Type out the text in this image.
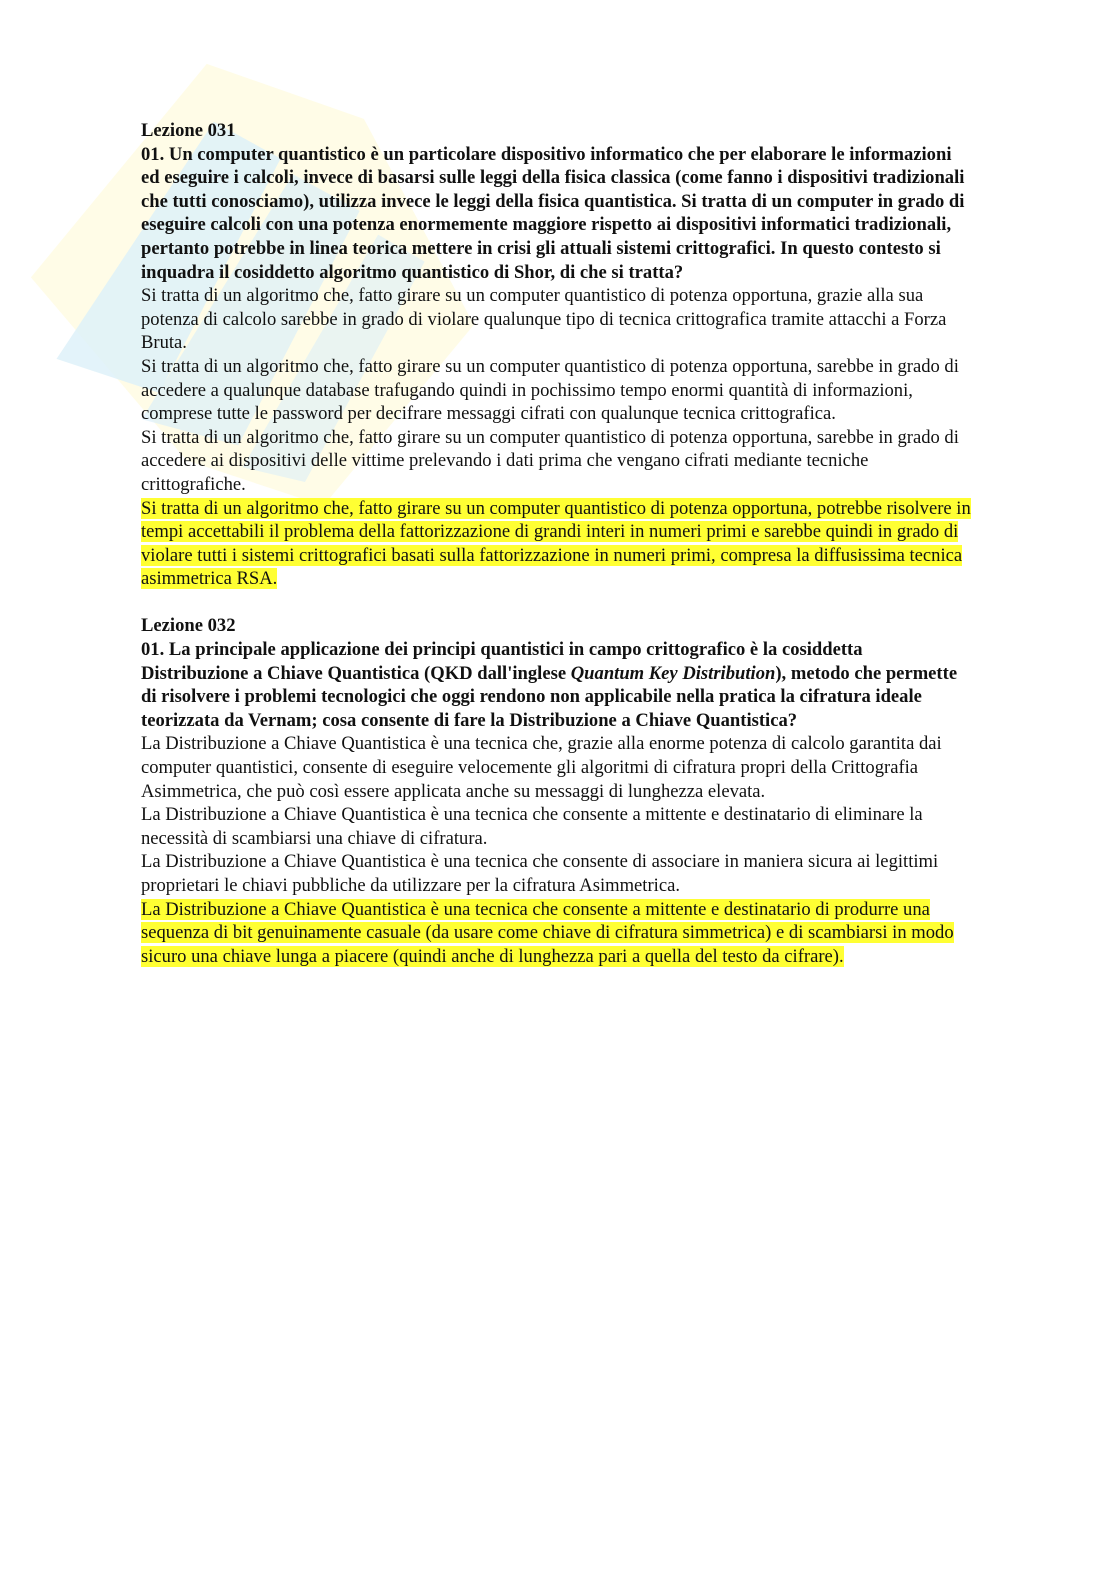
Lezione 031

01. Un computer quantistico è un particolare dispositivo informatico che per elaborare le informazioni ed eseguire i calcoli, invece di basarsi sulle leggi della fisica classica (come fanno i dispositivi tradizionali che tutti conosciamo), utilizza invece le leggi della fisica quantistica. Si tratta di un computer in grado di eseguire calcoli con una potenza enormemente maggiore rispetto ai dispositivi informatici tradizionali, pertanto potrebbe in linea teorica mettere in crisi gli attuali sistemi crittografici. In questo contesto si inquadra il cosiddetto algoritmo quantistico di Shor, di che si tratta?

Si tratta di un algoritmo che, fatto girare su un computer quantistico di potenza opportuna, grazie alla sua potenza di calcolo sarebbe in grado di violare qualunque tipo di tecnica crittografica tramite attacchi a Forza Bruta.

Si tratta di un algoritmo che, fatto girare su un computer quantistico di potenza opportuna, sarebbe in grado di accedere a qualunque database trafugando quindi in pochissimo tempo enormi quantità di informazioni, comprese tutte le password per decifrare messaggi cifrati con qualunque tecnica crittografica.

Si tratta di un algoritmo che, fatto girare su un computer quantistico di potenza opportuna, sarebbe in grado di accedere ai dispositivi delle vittime prelevando i dati prima che vengano cifrati mediante tecniche crittografiche.

Si tratta di un algoritmo che, fatto girare su un computer quantistico di potenza opportuna, potrebbe risolvere in tempi accettabili il problema della fattorizzazione di grandi interi in numeri primi e sarebbe quindi in grado di violare tutti i sistemi crittografici basati sulla fattorizzazione in numeri primi, compresa la diffusissima tecnica asimmetrica RSA.

Lezione 032

01. La principale applicazione dei principi quantistici in campo crittografico è la cosiddetta Distribuzione a Chiave Quantistica (QKD dall'inglese Quantum Key Distribution), metodo che permette di risolvere i problemi tecnologici che oggi rendono non applicabile nella pratica la cifratura ideale teorizzata da Vernam; cosa consente di fare la Distribuzione a Chiave Quantistica?

La Distribuzione a Chiave Quantistica è una tecnica che, grazie alla enorme potenza di calcolo garantita dai computer quantistici, consente di eseguire velocemente gli algoritmi di cifratura propri della Crittografia Asimmetrica, che può così essere applicata anche su messaggi di lunghezza elevata.

La Distribuzione a Chiave Quantistica è una tecnica che consente a mittente e destinatario di eliminare la necessità di scambiarsi una chiave di cifratura.

La Distribuzione a Chiave Quantistica è una tecnica che consente di associare in maniera sicura ai legittimi proprietari le chiavi pubbliche da utilizzare per la cifratura Asimmetrica.

La Distribuzione a Chiave Quantistica è una tecnica che consente a mittente e destinatario di produrre una sequenza di bit genuinamente casuale (da usare come chiave di cifratura simmetrica) e di scambiarsi in modo sicuro una chiave lunga a piacere (quindi anche di lunghezza pari a quella del testo da cifrare).
